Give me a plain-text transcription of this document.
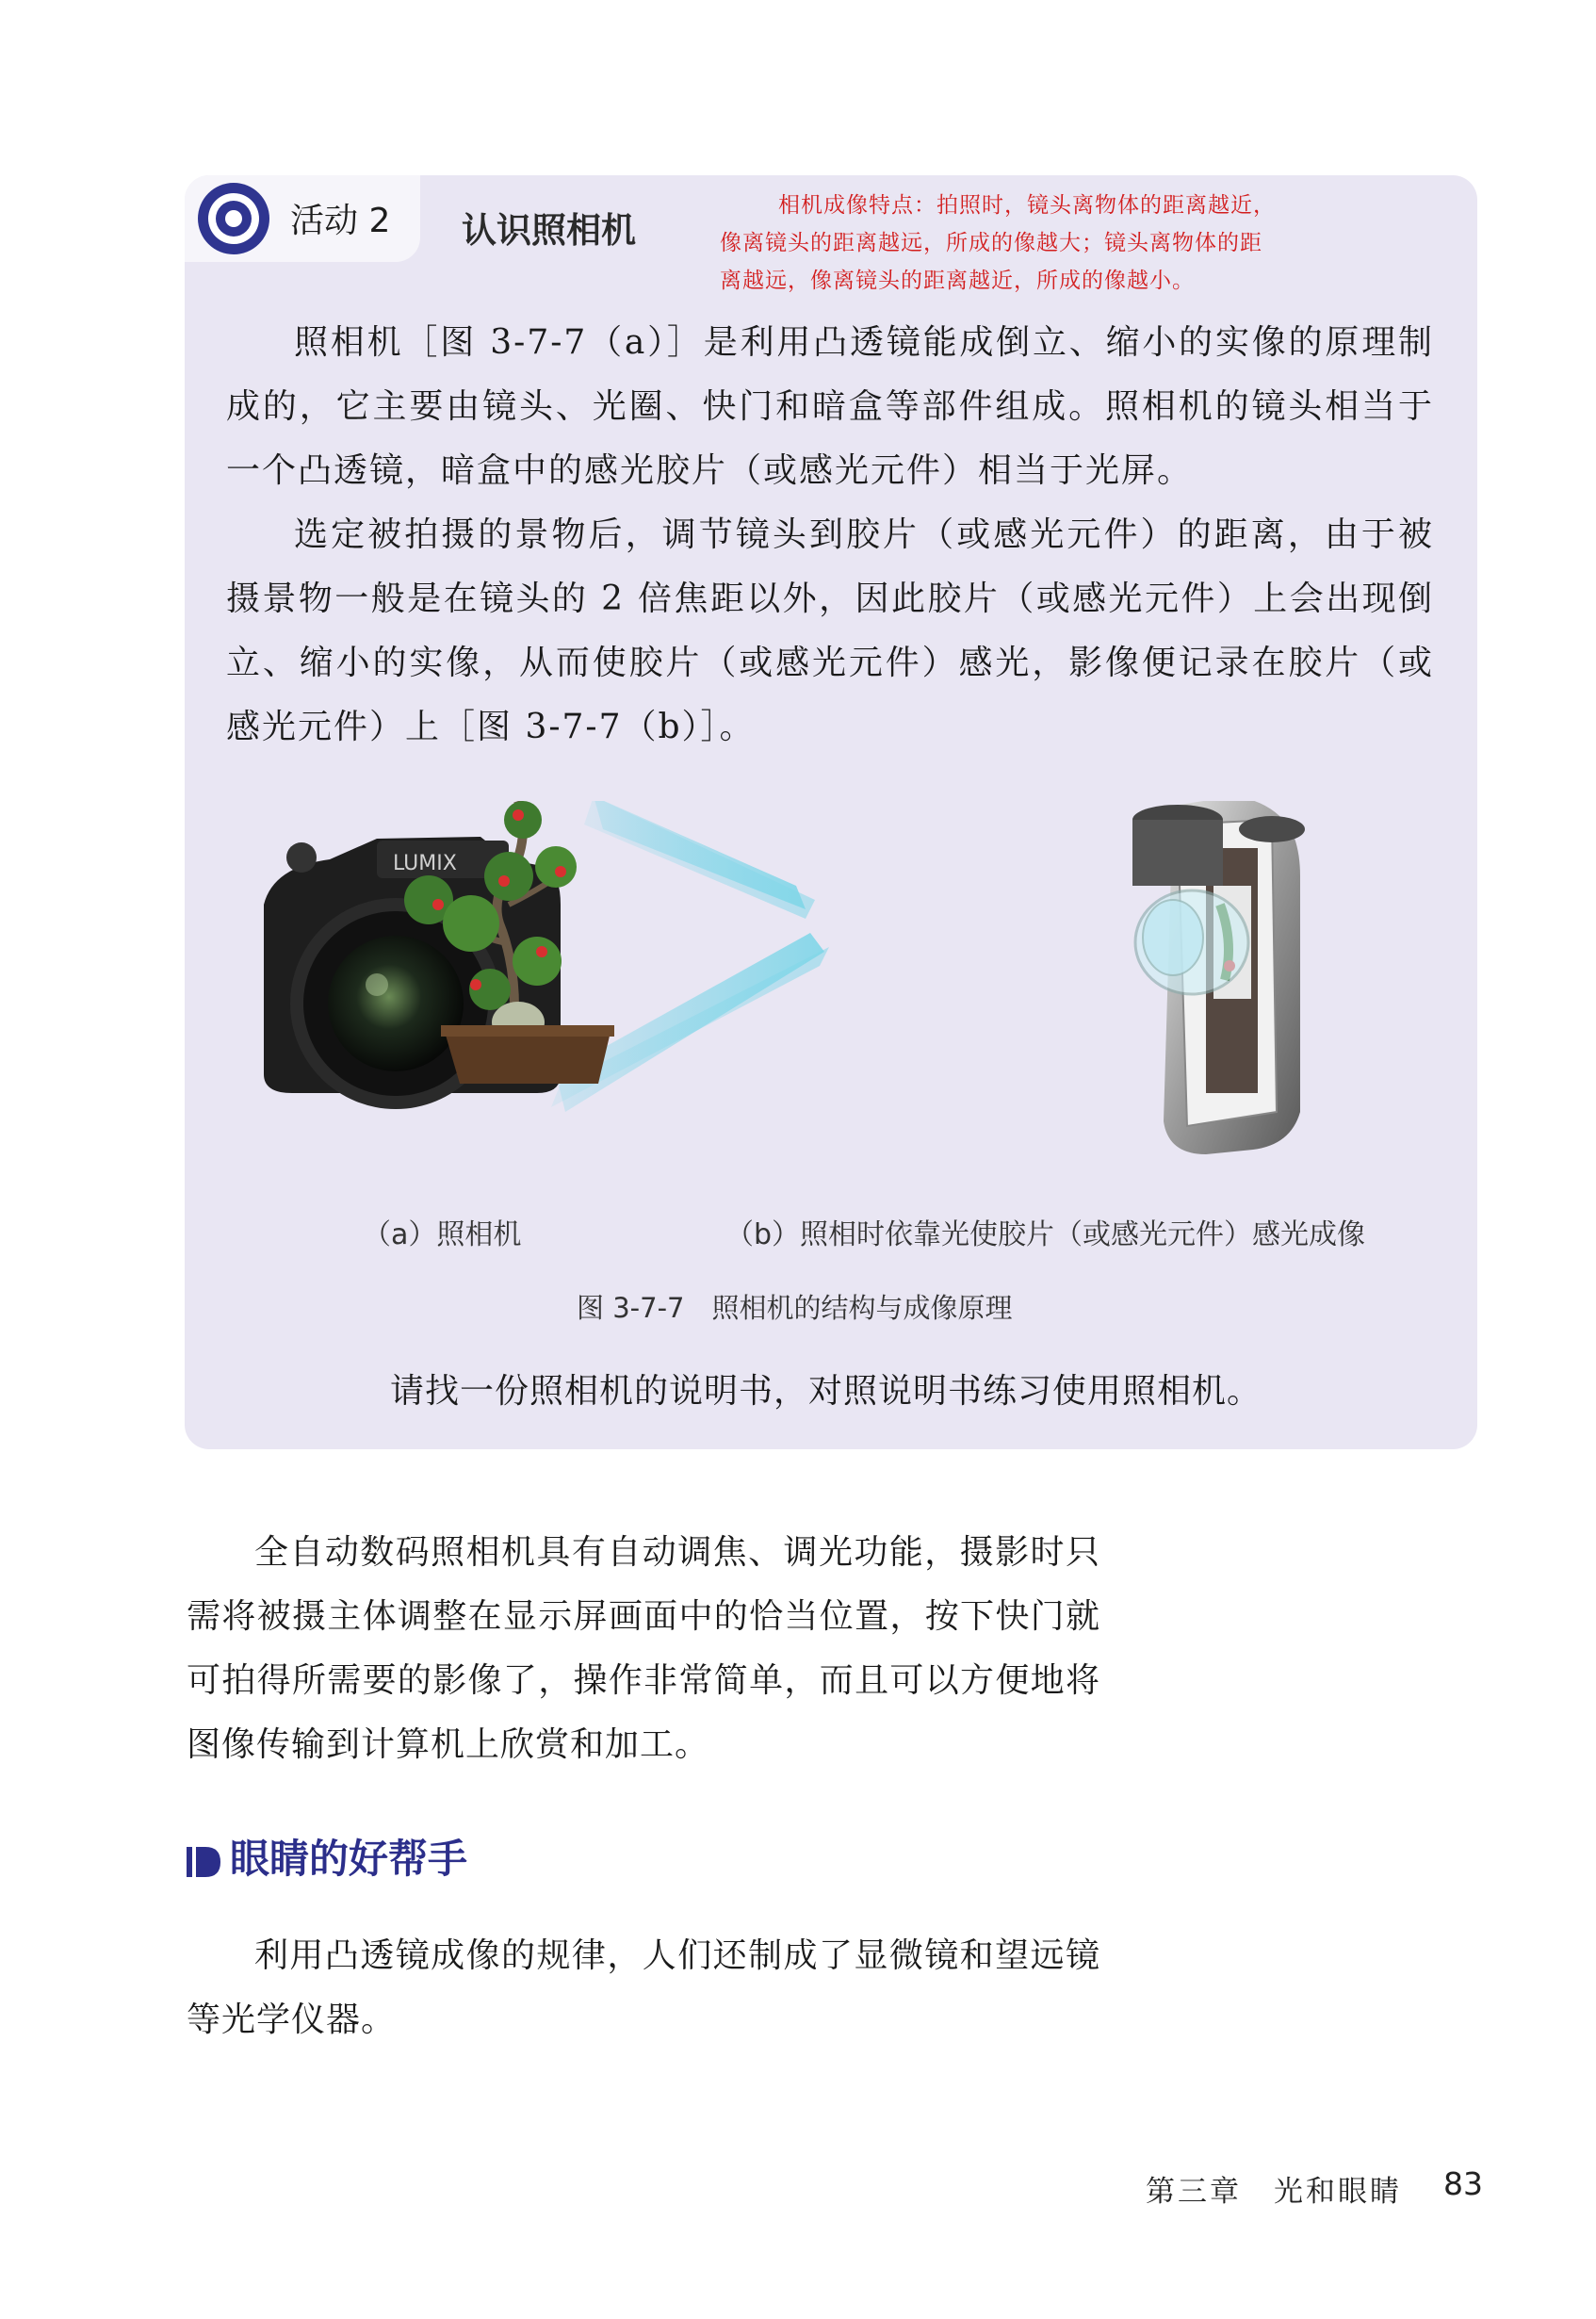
活动 2 认识照相机
相机成像特点：拍照时，镜头离物体的距离越近，
像离镜头的距离越远，所成的像越大；镜头离物体的距
离越远，像离镜头的距离越近，所成的像越小。
照相机［图 3-7-7（a）］是利用凸透镜能成倒立、缩小的实像的原理制成的，它主要由镜头、光圈、快门和暗盒等部件组成。照相机的镜头相当于一个凸透镜，暗盒中的感光胶片（或感光元件）相当于光屏。
选定被拍摄的景物后，调节镜头到胶片（或感光元件）的距离，由于被摄景物一般是在镜头的 2 倍焦距以外，因此胶片（或感光元件）上会出现倒立、缩小的实像，从而使胶片（或感光元件）感光，影像便记录在胶片（或感光元件）上［图 3-7-7（b）］。
LUMIX
（a）照相机	（b）照相时依靠光使胶片（或感光元件）感光成像
图 3-7-7　照相机的结构与成像原理
请找一份照相机的说明书，对照说明书练习使用照相机。
全自动数码照相机具有自动调焦、调光功能，摄影时只需将被摄主体调整在显示屏画面中的恰当位置，按下快门就可拍得所需要的影像了，操作非常简单，而且可以方便地将图像传输到计算机上欣赏和加工。
眼睛的好帮手
利用凸透镜成像的规律，人们还制成了显微镜和望远镜等光学仪器。
第三章　光和眼睛 83
